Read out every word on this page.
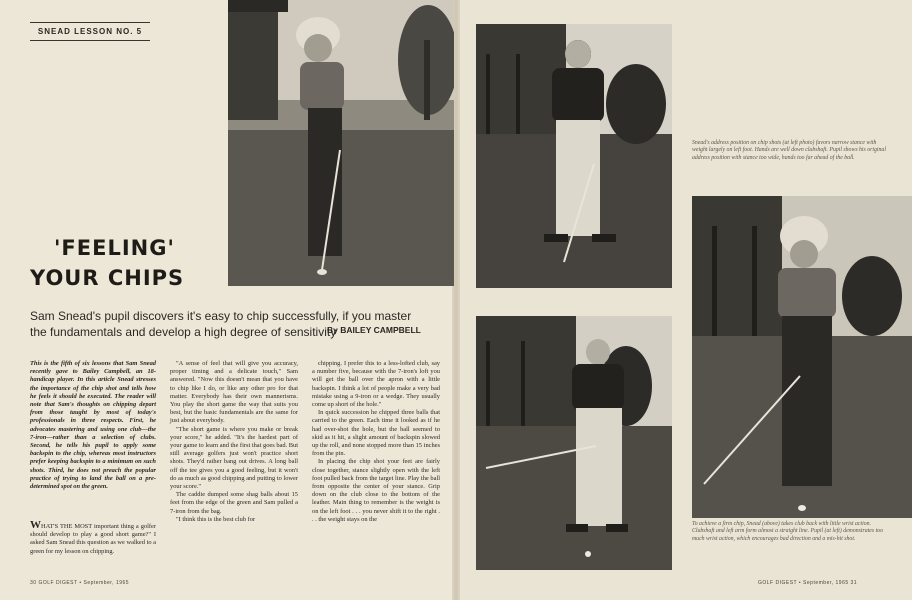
SNEAD LESSON NO. 5
'FEELING'
YOUR CHIPS
Sam Snead's pupil discovers it's easy to chip successfully, if you master the fundamentals and develop a high degree of sensitivity
By BAILEY CAMPBELL
This is the fifth of six lessons that Sam Snead recently gave to Bailey Campbell, an 18-handicap player. In this article Snead stresses the importance of the chip shot and tells how he feels it should be executed. The reader will note that Sam's thoughts on chipping depart from those taught by most of today's professionals in three respects. First, he advocates mastering and using one club—the 7-iron—rather than a selection of clubs. Second, he tells his pupil to apply some backspin to the chip, whereas most instructors prefer keeping backspin to a minimum on such shots. Third, he does not preach the popular practice of trying to land the ball on a pre-determined spot on the green.
WHAT'S THE MOST important thing a golfer should develop to play a good short game?" I asked Sam Snead this question as we walked to a green for my lesson on chipping.

"A sense of feel that will give you accuracy, proper timing and a delicate touch," Sam answered. "Now this doesn't mean that you have to chip like I do, or like any other pro for that matter. Everybody has their own mannerisms. You play the short game the way that suits you best, but the basic fundamentals are the same for just about everybody.

"The short game is where you make or break your score," he added. "It's the hardest part of your game to learn and the first that goes bad. But still average golfers just won't practice short shots. They'd rather bang out drives. A long ball off the tee gives you a good feeling, but it won't do as much as good chipping and putting to lower your score."

The caddie dumped some shag balls about 15 feet from the edge of the green and Sam pulled a 7-iron from the bag.

"I think this is the best club for

chipping. I prefer this to a less-lofted club, say a number five, because with the 7-iron's loft you will get the ball over the apron with a little backspin. I think a lot of people make a very bad mistake using a 9-iron or a wedge. They usually come up short of the hole."

In quick succession he chipped three balls that carried to the green. Each time it looked as if he had over-shot the hole, but the ball seemed to skid as it hit, a slight amount of backspin slowed up the roll, and none stopped more than 15 inches from the pin.

In placing the chip shot your feet are fairly close together, stance slightly open with the left foot pulled back from the target line. Play the ball from opposite the center of your stance. Grip down on the club close to the bottom of the leather. Main thing to remember is the weight is on the left foot . . . you never shift it to the right . . . the weight stays on the

30 GOLF DIGEST • September, 1965
Snead's address position on chip shots (at left photo) favors narrow stance with weight largely on left foot. Hands are well down clubshaft. Pupil shows his original address position with stance too wide, hands too far ahead of the ball.
To achieve a firm chip, Snead (above) takes club back with little wrist action. Clubshaft and left arm form almost a straight line. Pupil (at left) demonstrates too much wrist action, which encourages bad direction and a mis-hit shot.
GOLF DIGEST • September, 1965 31
